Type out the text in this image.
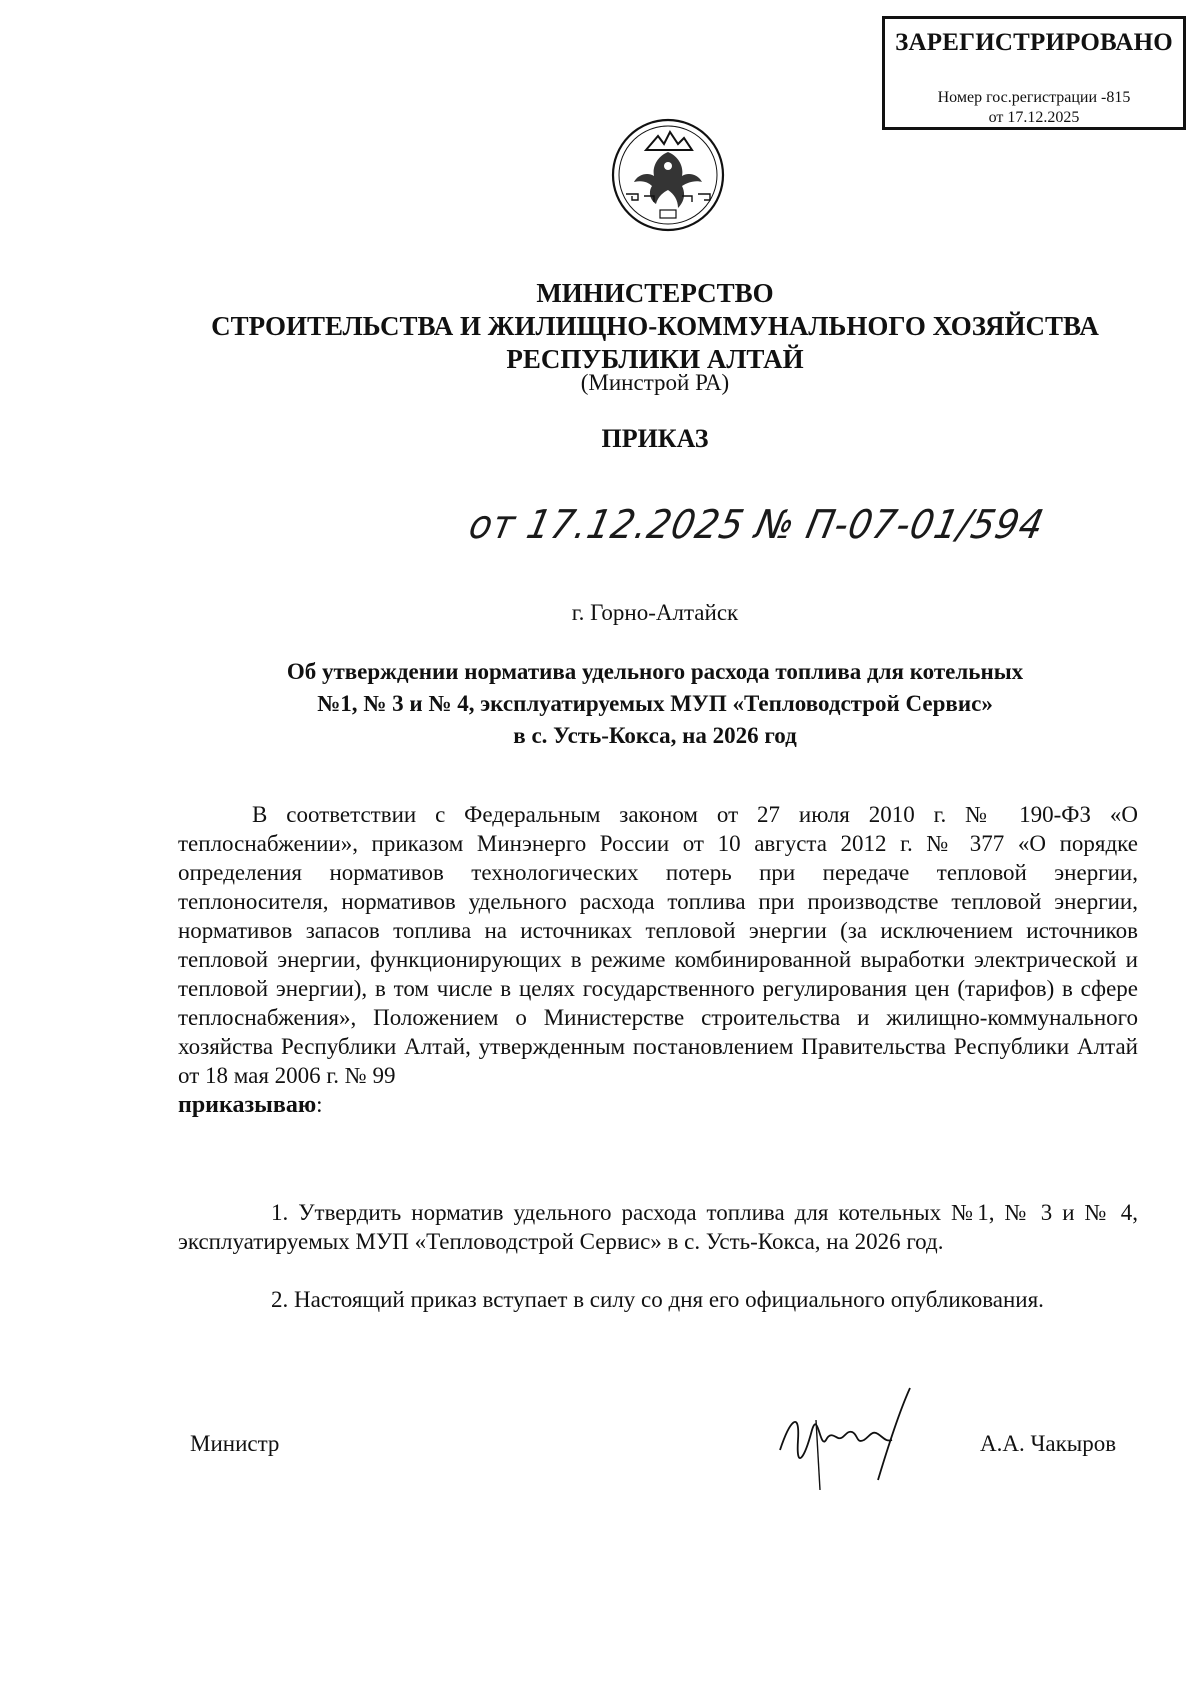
ЗАРЕГИСТРИРОВАНО
Номер гос.регистрации -815
от 17.12.2025
МИНИСТЕРСТВО
СТРОИТЕЛЬСТВА И ЖИЛИЩНО-КОММУНАЛЬНОГО ХОЗЯЙСТВА
РЕСПУБЛИКИ АЛТАЙ
(Минстрой РА)
ПРИКАЗ
от 17.12.2025 № П-07-01/594
г. Горно-Алтайск
Об утверждении норматива удельного расхода топлива для котельных
№1, № 3 и № 4, эксплуатируемых МУП «Тепловодстрой Сервис»
в с. Усть-Кокса, на 2026 год
В соответствии с Федеральным законом от 27 июля 2010 г. № 190-ФЗ «О теплоснабжении», приказом Минэнерго России от 10 августа 2012 г. № 377 «О порядке определения нормативов технологических потерь при передаче тепловой энергии, теплоносителя, нормативов удельного расхода топлива при производстве тепловой энергии, нормативов запасов топлива на источниках тепловой энергии (за исключением источников тепловой энергии, функционирующих в режиме комбинированной выработки электрической и тепловой энергии), в том числе в целях государственного регулирования цен (тарифов) в сфере теплоснабжения», Положением о Министерстве строительства и жилищно-коммунального хозяйства Республики Алтай, утвержденным постановлением Правительства Республики Алтай от 18 мая 2006 г. № 99
приказываю:
1. Утвердить норматив удельного расхода топлива для котельных №1, № 3 и № 4, эксплуатируемых МУП «Тепловодстрой Сервис» в с. Усть-Кокса, на 2026 год.
2. Настоящий приказ вступает в силу со дня его официального опубликования.
Министр	А.А. Чакыров
